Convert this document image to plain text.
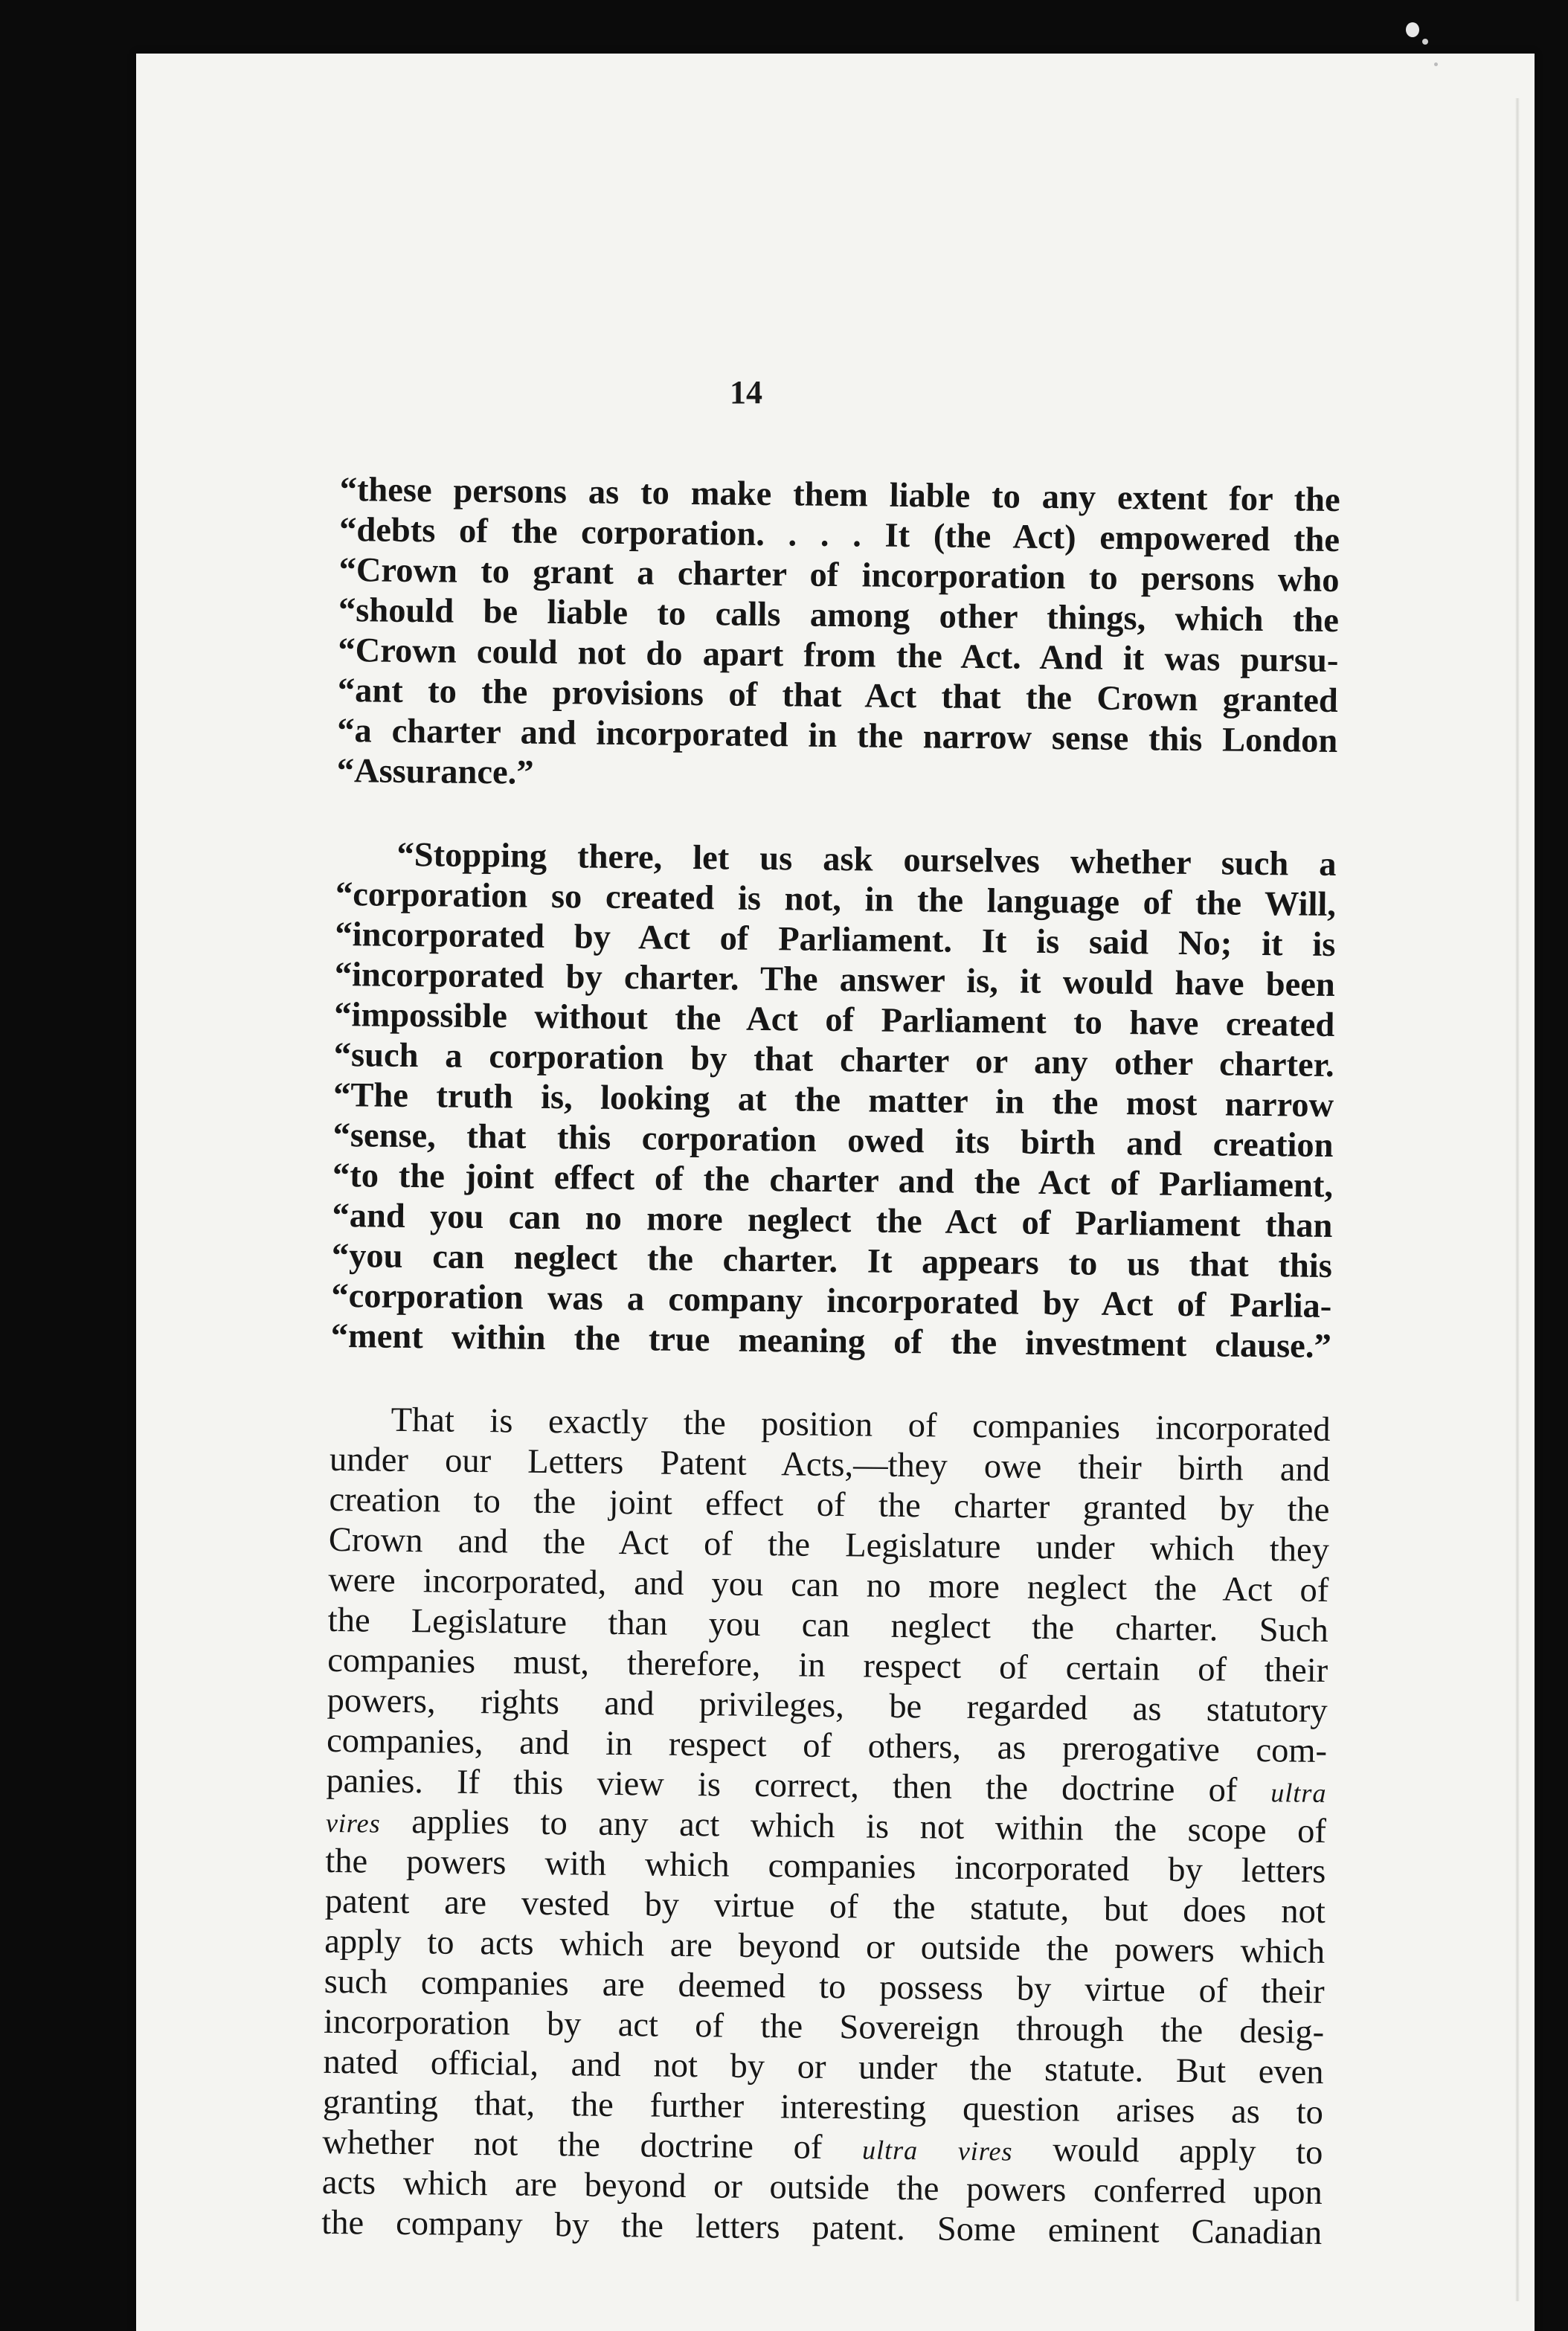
14
“these persons as to make them liable to any extent for the
“debts of the corporation. . . . It (the Act) empowered the
“Crown to grant a charter of incorporation to persons who
“should be liable to calls among other things, which the
“Crown could not do apart from the Act. And it was pursu-
“ant to the provisions of that Act that the Crown granted
“a charter and incorporated in the narrow sense this London
“Assurance.”
“Stopping there, let us ask ourselves whether such a
“corporation so created is not, in the language of the Will,
“incorporated by Act of Parliament. It is said No; it is
“incorporated by charter. The answer is, it would have been
“impossible without the Act of Parliament to have created
“such a corporation by that charter or any other charter.
“The truth is, looking at the matter in the most narrow
“sense, that this corporation owed its birth and creation
“to the joint effect of the charter and the Act of Parliament,
“and you can no more neglect the Act of Parliament than
“you can neglect the charter. It appears to us that this
“corporation was a company incorporated by Act of Parlia-
“ment within the true meaning of the investment clause.”
That is exactly the position of companies incorporated
under our Letters Patent Acts,—they owe their birth and
creation to the joint effect of the charter granted by the
Crown and the Act of the Legislature under which they
were incorporated, and you can no more neglect the Act of
the Legislature than you can neglect the charter. Such
companies must, therefore, in respect of certain of their
powers, rights and privileges, be regarded as statutory
companies, and in respect of others, as prerogative com-
panies. If this view is correct, then the doctrine of ultra
vires applies to any act which is not within the scope of
the powers with which companies incorporated by letters
patent are vested by virtue of the statute, but does not
apply to acts which are beyond or outside the powers which
such companies are deemed to possess by virtue of their
incorporation by act of the Sovereign through the desig-
nated official, and not by or under the statute. But even
granting that, the further interesting question arises as to
whether not the doctrine of ultra vires would apply to
acts which are beyond or outside the powers conferred upon
the company by the letters patent. Some eminent Canadian
